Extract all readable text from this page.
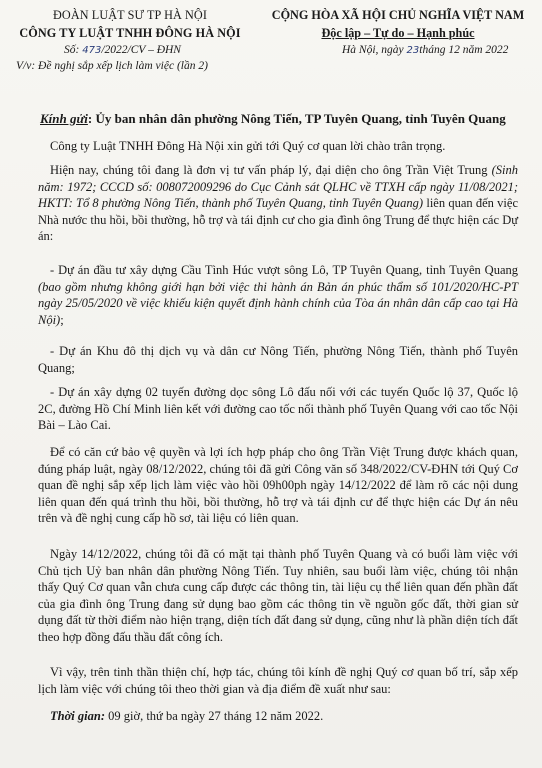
ĐOÀN LUẬT SƯ TP HÀ NỘI
CÔNG TY LUẬT TNHH ĐÔNG HÀ NỘI
CỘNG HÒA XÃ HỘI CHỦ NGHĨA VIỆT NAM
Độc lập – Tự do – Hạnh phúc
Số: 473/2022/CV – ĐHN
V/v: Đề nghị sắp xếp lịch làm việc (lần 2)
Hà Nội, ngày 23tháng 12 năm 2022
Kính gửi: Ủy ban nhân dân phường Nông Tiến, TP Tuyên Quang, tỉnh Tuyên Quang

Công ty Luật TNHH Đông Hà Nội xin gửi tới Quý cơ quan lời chào trân trọng.

Hiện nay, chúng tôi đang là đơn vị tư vấn pháp lý, đại diện cho ông Trần Việt Trung (Sinh năm: 1972; CCCD số: 008072009296 do Cục Cảnh sát QLHC về TTXH cấp ngày 11/08/2021; HKTT: Tổ 8 phường Nông Tiến, thành phố Tuyên Quang, tỉnh Tuyên Quang) liên quan đến việc Nhà nước thu hồi, bồi thường, hỗ trợ và tái định cư cho gia đình ông Trung để thực hiện các Dự án:

- Dự án đầu tư xây dựng Cầu Tình Húc vượt sông Lô, TP Tuyên Quang, tỉnh Tuyên Quang (bao gồm nhưng không giới hạn bởi việc thi hành án Bản án phúc thẩm số 101/2020/HC-PT ngày 25/05/2020 về việc khiếu kiện quyết định hành chính của Tòa án nhân dân cấp cao tại Hà Nội);

- Dự án Khu đô thị dịch vụ và dân cư Nông Tiến, phường Nông Tiến, thành phố Tuyên Quang;

- Dự án xây dựng 02 tuyến đường dọc sông Lô đấu nối với các tuyến Quốc lộ 37, Quốc lộ 2C, đường Hồ Chí Minh liên kết với đường cao tốc nối thành phố Tuyên Quang với cao tốc Nội Bài – Lào Cai.

Để có căn cứ bảo vệ quyền và lợi ích hợp pháp cho ông Trần Việt Trung được khách quan, đúng pháp luật, ngày 08/12/2022, chúng tôi đã gửi Công văn số 348/2022/CV-ĐHN tới Quý Cơ quan đề nghị sắp xếp lịch làm việc vào hồi 09h00ph ngày 14/12/2022 để làm rõ các nội dung liên quan đến quá trình thu hồi, bồi thường, hỗ trợ và tái định cư để thực hiện các Dự án nêu trên và đề nghị cung cấp hồ sơ, tài liệu có liên quan.

Ngày 14/12/2022, chúng tôi đã có mặt tại thành phố Tuyên Quang và có buổi làm việc với Chủ tịch Uỷ ban nhân dân phường Nông Tiến. Tuy nhiên, sau buổi làm việc, chúng tôi nhận thấy Quý Cơ quan vẫn chưa cung cấp được các thông tin, tài liệu cụ thể liên quan đến phần đất của gia đình ông Trung đang sử dụng bao gồm các thông tin về nguồn gốc đất, thời gian sử dụng đất từ thời điểm nào hiện trạng, diện tích đất đang sử dụng, cũng như là phần diện tích đất theo hợp đồng đấu thầu đất công ích.

Vì vậy, trên tinh thần thiện chí, hợp tác, chúng tôi kính đề nghị Quý cơ quan bố trí, sắp xếp lịch làm việc với chúng tôi theo thời gian và địa điểm đề xuất như sau:

Thời gian: 09 giờ, thứ ba ngày 27 tháng 12 năm 2022.
